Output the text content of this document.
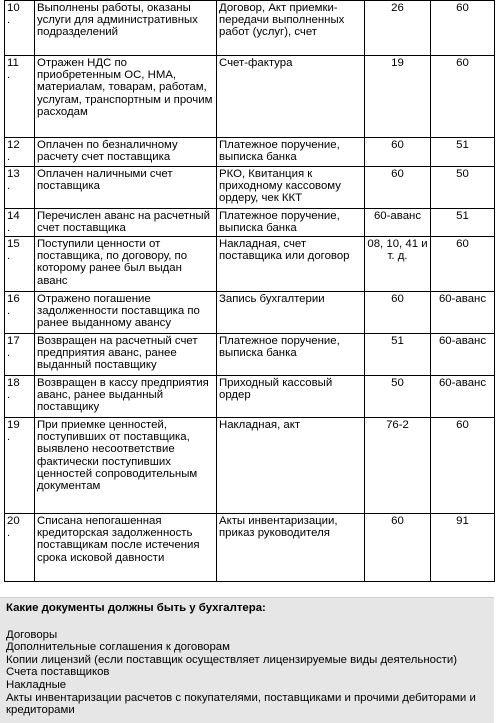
10
.	Выполнены работы, оказаны услуги для административных подразделений	Договор, Акт приемки-передачи выполненных работ (услуг), счет	26	60

11
.	Отражен НДС по приобретенным ОС, НМА, материалам, товарам, работам, услугам, транспортным и прочим расходам	Счет-фактура	19	60

12
.	Оплачен по безналичному расчету счет поставщика	Платежное поручение, выписка банка	60	51

13
.	Оплачен наличными счет поставщика	РКО, Квитанция к приходному кассовому ордеру, чек ККТ	60	50

14
.	Перечислен аванс на расчетный счет поставщика	Платежное поручение, выписка банка	60-аванс	51

15
.	Поступили ценности от поставщика, по договору, по которому ранее был выдан аванс	Накладная, счет поставщика или договор	08, 10, 41 и т. д.	60

16
.	Отражено погашение задолженности поставщика по ранее выданному авансу	Запись бухгалтерии	60	60-аванс

17
.	Возвращен на расчетный счет предприятия аванс, ранее выданный поставщику	Платежное поручение, выписка банка	51	60-аванс

18
.	Возвращен в кассу предприятия аванс, ранее выданный поставщику	Приходный кассовый ордер	50	60-аванс

19
.	При приемке ценностей, поступивших от поставщика, выявлено несоответствие фактически поступивших ценностей сопроводительным документам	Накладная, акт	76-2	60

20
.	Списана непогашенная кредиторская задолженность поставщикам после истечения срока исковой давности	Акты инвентаризации, приказ руководителя	60	91
Какие документы должны быть у бухгалтера:
Договоры
Дополнительные соглашения к договорам
Копии лицензий (если поставщик осуществляет лицензируемые виды деятельности)
Счета поставщиков
Накладные
Акты инвентаризации расчетов с покупателями, поставщиками и прочими дебиторами и кредиторами
